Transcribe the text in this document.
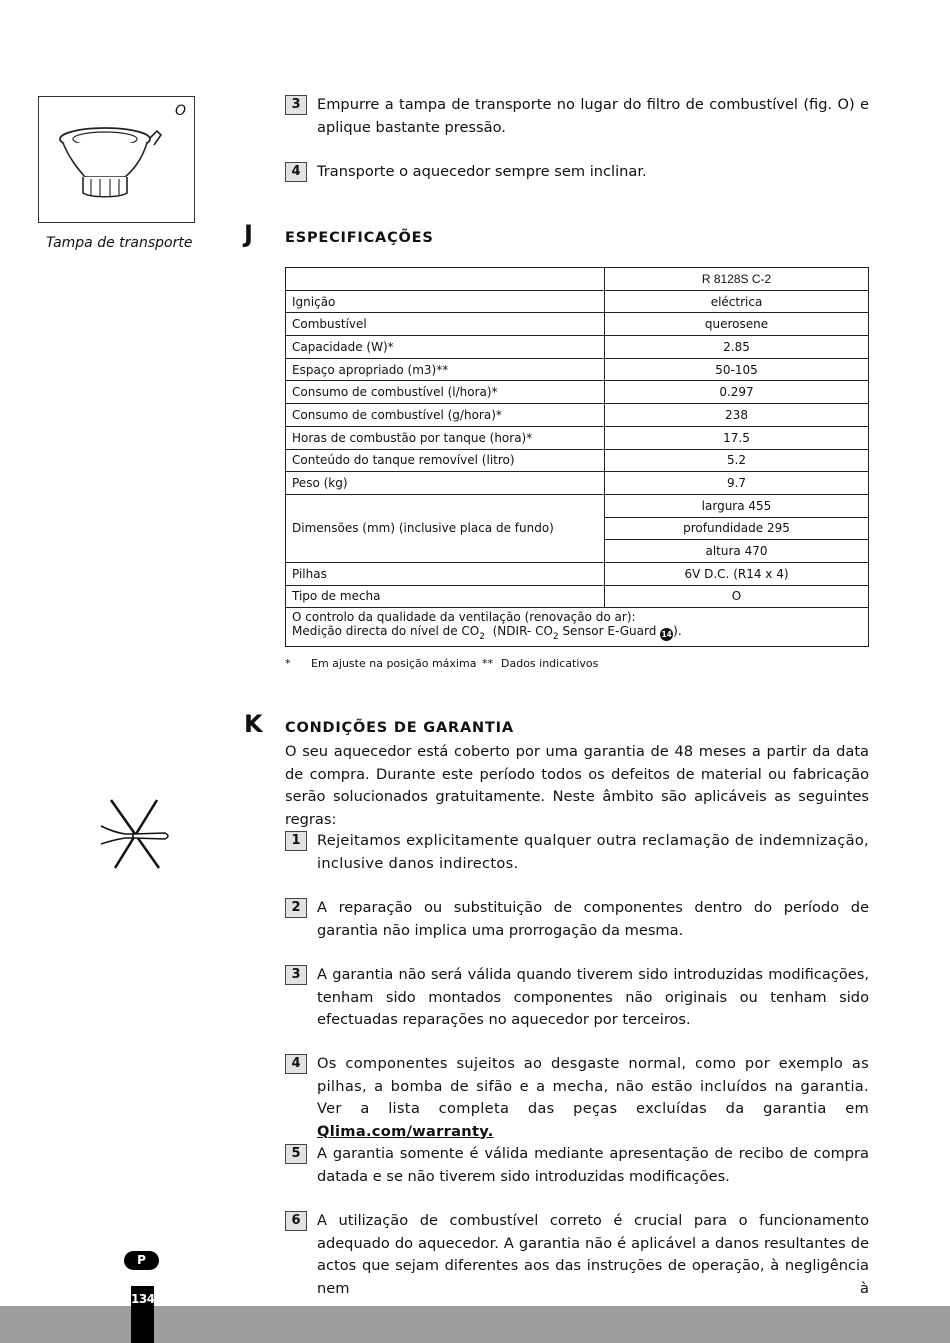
O
Tampa de transporte
3	Empurre a tampa de transporte no lugar do filtro de combustível (fig. O) e aplique bastante pressão.

4	Transporte o aquecedor sempre sem inclinar.

J ESPECIFICAÇÕES
	R 8128S C-2
Ignição	eléctrica
Combustível	querosene
Capacidade (W)*	2.85
Espaço apropriado (m3)**	50-105
Consumo de combustível (l/hora)*	0.297
Consumo de combustível (g/hora)*	238
Horas de combustão por tanque (hora)*	17.5
Conteúdo do tanque removível (litro)	5.2
Peso (kg)	9.7
Dimensões (mm) (inclusive placa de fundo)	largura 455
	profundidade 295
	altura 470
Pilhas	6V D.C. (R14 x 4)
Tipo de mecha	O
O controlo da qualidade da ventilação (renovação do ar):
Medição directa do nível de $CO_2$  (NDIR- $CO_2$ Sensor E-Guard 14).	
* Em ajuste na posição máxima ** Dados indicativos
K CONDIÇÕES DE GARANTIA

O seu aquecedor está coberto por uma garantia de 48 meses a partir da data de compra. Durante este período todos os defeitos de material ou fabricação serão solucionados gratuitamente. Neste âmbito são aplicáveis as seguintes regras:

1	Rejeitamos explicitamente qualquer outra reclamação de indemnização, inclusive danos indirectos.

2	A reparação ou substituição de componentes dentro do período de garantia não implica uma prorrogação da mesma.

3	A garantia não será válida quando tiverem sido introduzidas modificações, tenham sido montados componentes não originais ou tenham sido efectuadas reparações no aquecedor por terceiros.

4	Os componentes sujeitos ao desgaste normal, como por exemplo as pilhas, a bomba de sifão e a mecha, não estão incluídos na garantia. Ver a lista completa das peças excluídas da garantia em Qlima.com/warranty.

5	A garantia somente é válida mediante apresentação de recibo de compra datada e se não tiverem sido introduzidas modificações.

6	A utilização de combustível correto é crucial para o funcionamento adequado do aquecedor. A garantia não é aplicável a danos resultantes de actos que sejam diferentes aos das instruções de operação, à negligência nem à

P
134
